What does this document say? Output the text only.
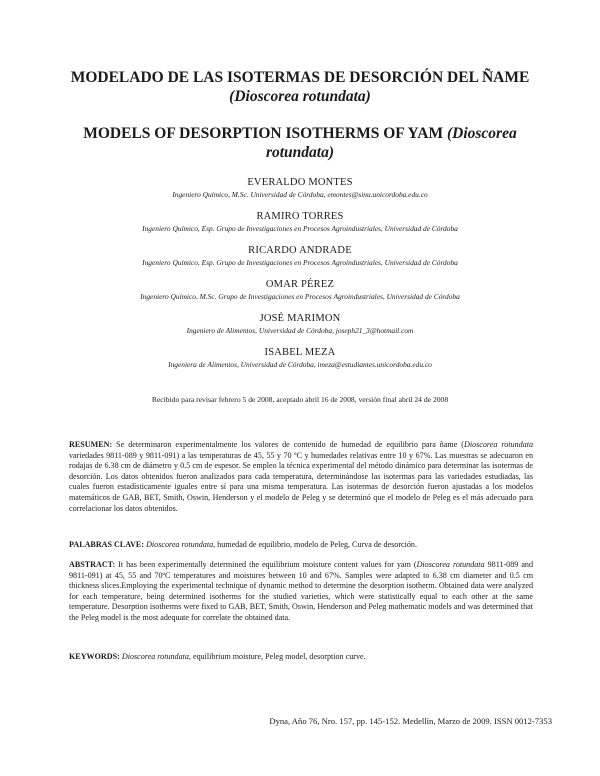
MODELADO DE LAS ISOTERMAS DE DESORCIÓN DEL ÑAME (Dioscorea rotundata)
MODELS OF DESORPTION ISOTHERMS OF YAM (Dioscorea rotundata)
EVERALDO MONTES
Ingeniero Químico, M.Sc. Universidad de Córdoba, emontes@sinu.unicordoba.edu.co
RAMIRO TORRES
Ingeniero Químico, Esp. Grupo de Investigaciones en Procesos Agroindustriales, Universidad de Córdoba
RICARDO ANDRADE
Ingeniero Químico, Esp. Grupo de Investigaciones en Procesos Agroindustriales, Universidad de Córdoba
OMAR PÉREZ
Ingeniero Químico, M.Sc. Grupo de Investigaciones en Procesos Agroindustriales, Universidad de Córdoba
JOSÉ MARIMON
Ingeniero de Alimentos, Universidad de Córdoba, joseph21_3@hotmail.com
ISABEL MEZA
Ingeniera de Alimentos, Universidad de Córdoba, imeza@estudiantes.unicordoba.edu.co
Recibido para revisar febrero 5 de 2008, aceptado abril 16 de 2008, versión final abril 24 de 2008

RESUMEN: Se determinaron experimentalmente los valores de contenido de humedad de equilibrio para ñame (Dioscorea rotundata variedades 9811-089 y 9811-091) a las temperaturas de 45, 55 y 70 ºC y humedades relativas entre 10 y 67%. Las muestras se adecuaron en rodajas de 6.38 cm de diámetro y 0.5 cm de espesor. Se empleo la técnica experimental del método dinámico para determinar las isotermas de desorción. Los datos obtenidos fueron analizados para cada temperatura, determinándose las isotermas para las variedades estudiadas, las cuales fueron estadísticamente iguales entre sí para una misma temperatura. Las isotermas de desorción fueron ajustadas a los modelos matemáticos de GAB, BET, Smith, Oswin, Henderson y el modelo de Peleg y se determinó que el modelo de Peleg es el más adecuado para correlacionar los datos obtenidos.

PALABRAS CLAVE: Dioscorea rotundata, humedad de equilibrio, modelo de Peleg, Curva de desorción.

ABSTRACT: It has been experimentally determined the equilibrium moisture content values for yam (Dioscorea rotundata 9811-089 and 9811-091) at 45, 55 and 70ºC temperatures and moistures between 10 and 67%. Samples were adapted to 6.38 cm diameter and 0.5 cm thickness slices.Employing the experimental technique of dynamic method to determine the desorption isotherm. Obtained data were analyzed for each temperature, being determined isotherms for the studied varieties, which were statistically equal to each other at the same temperature. Desorption isotherms were fixed to GAB, BET, Smith, Oswin, Henderson and Peleg mathematic models and was determined that the Peleg model is the most adequate for correlate the obtained data.

KEYWORDS: Dioscorea rotundata, equilibrium moisture, Peleg model, desorption curve.

Dyna, Año 76, Nro. 157, pp. 145-152. Medellín, Marzo de 2009. ISSN 0012-7353
